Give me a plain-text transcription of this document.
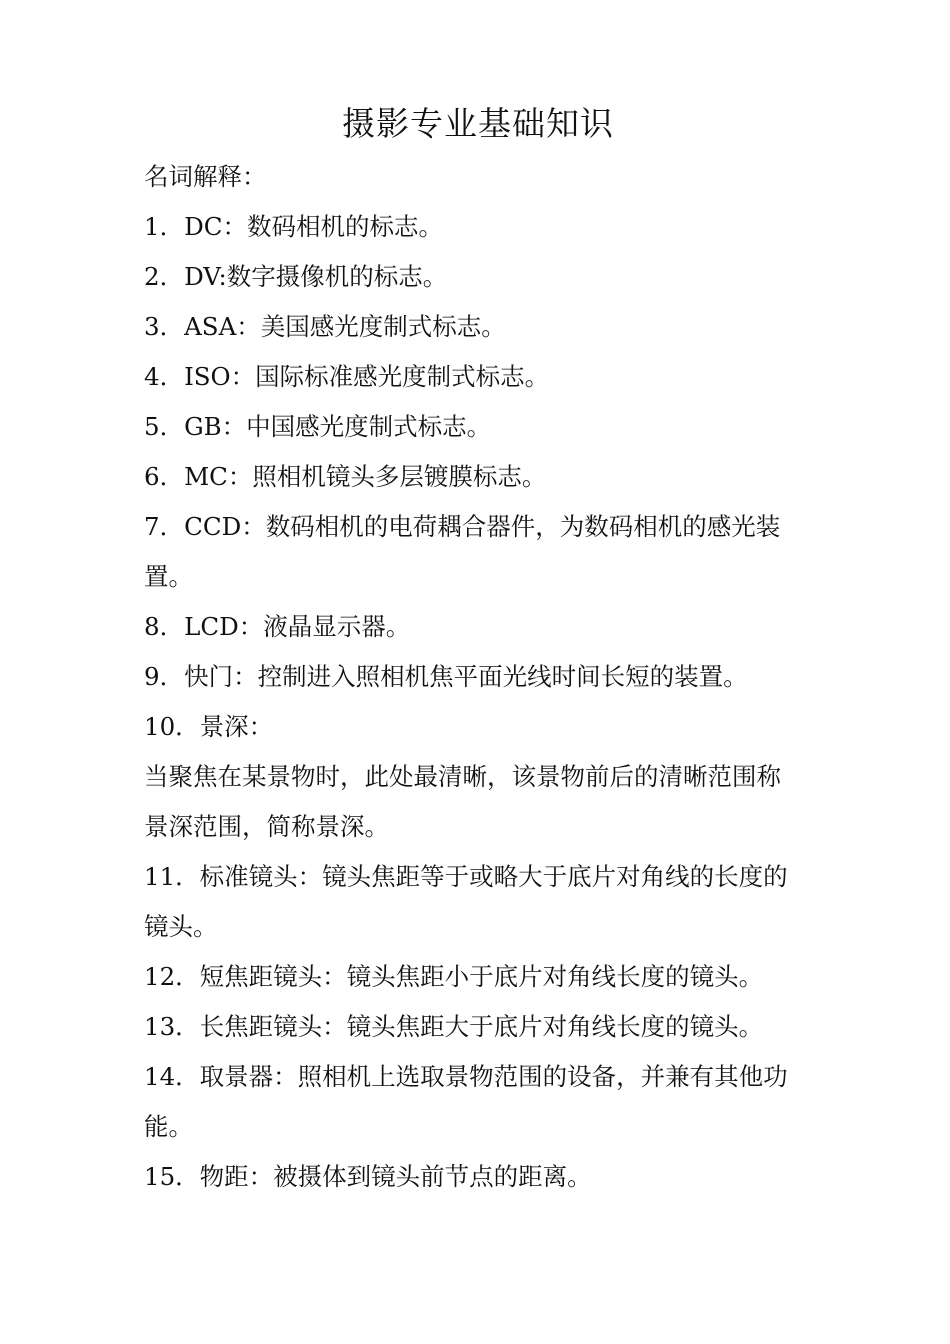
摄影专业基础知识
名词解释：
1．DC：数码相机的标志。
2．DV:数字摄像机的标志。
3．ASA：美国感光度制式标志。
4．ISO：国际标准感光度制式标志。
5．GB：中国感光度制式标志。
6．MC：照相机镜头多层镀膜标志。
7．CCD：数码相机的电荷耦合器件，为数码相机的感光装
置。
8．LCD：液晶显示器。
9．快门：控制进入照相机焦平面光线时间长短的装置。
10．景深：
当聚焦在某景物时，此处最清晰，该景物前后的清晰范围称
景深范围，简称景深。
11．标准镜头：镜头焦距等于或略大于底片对角线的长度的
镜头。
12．短焦距镜头：镜头焦距小于底片对角线长度的镜头。
13．长焦距镜头：镜头焦距大于底片对角线长度的镜头。
14．取景器：照相机上选取景物范围的设备，并兼有其他功
能。
15．物距：被摄体到镜头前节点的距离。
